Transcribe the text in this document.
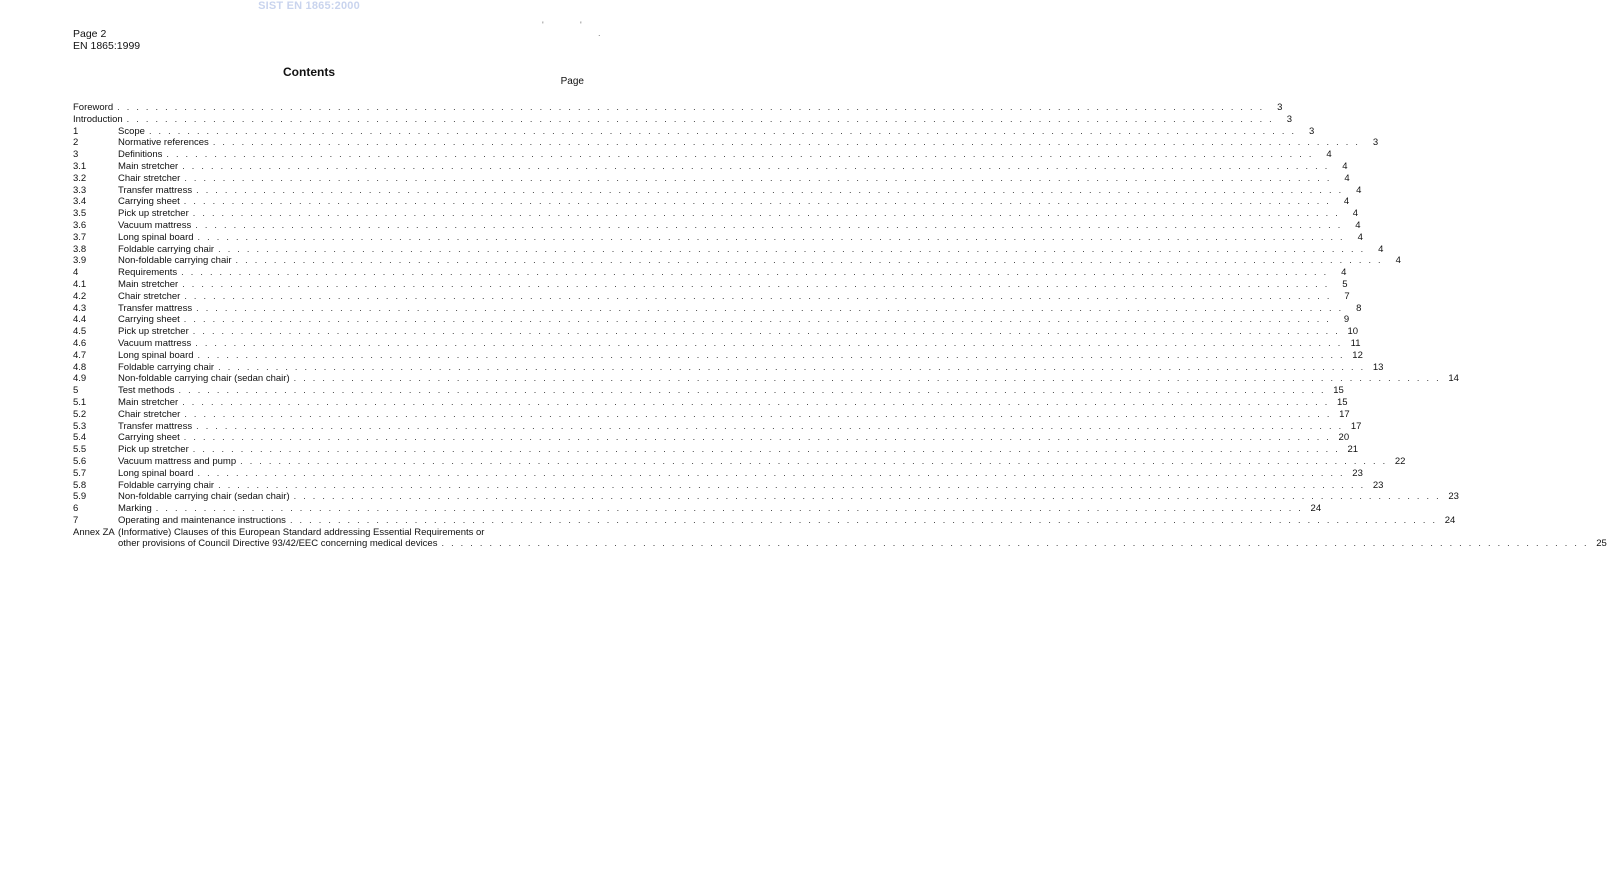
SIST EN 1865:2000
Page 2
EN 1865:1999
'	'
.
Contents
Page
Foreword . . . . . . . . . . . . . . . . . . . . . . . . . . . . . . . . . . . . . . . . . . . . . . . . . . . . . . . . . . . . . . . . . . . . . . . . . . . . . . . . . . . . . . . . . . . . . . . . . . . . . . . . . . . . . . . . . . . . . . . .	3
Introduction . . . . . . . . . . . . . . . . . . . . . . . . . . . . . . . . . . . . . . . . . . . . . . . . . . . . . . . . . . . . . . . . . . . . . . . . . . . . . . . . . . . . . . . . . . . . . . . . . . . . . . . . . . . . . . . . . . . . . . . .	3
1	Scope . . . . . . . . . . . . . . . . . . . . . . . . . . . . . . . . . . . . . . . . . . . . . . . . . . . . . . . . . . . . . . . . . . . . . . . . . . . . . . . . . . . . . . . . . . . . . . . . . . . . . . . . . . . . . . . . . . . . . . . .	3
2	Normative references . . . . . . . . . . . . . . . . . . . . . . . . . . . . . . . . . . . . . . . . . . . . . . . . . . . . . . . . . . . . . . . . . . . . . . . . . . . . . . . . . . . . . . . . . . . . . . . . . . . . . . . . . . . . . . . . . . . . . . . .	3
3	Definitions . . . . . . . . . . . . . . . . . . . . . . . . . . . . . . . . . . . . . . . . . . . . . . . . . . . . . . . . . . . . . . . . . . . . . . . . . . . . . . . . . . . . . . . . . . . . . . . . . . . . . . . . . . . . . . . . . . . . . . . .	4
3.1	Main stretcher . . . . . . . . . . . . . . . . . . . . . . . . . . . . . . . . . . . . . . . . . . . . . . . . . . . . . . . . . . . . . . . . . . . . . . . . . . . . . . . . . . . . . . . . . . . . . . . . . . . . . . . . . . . . . . . . . . . . . . . .	4
3.2	Chair stretcher . . . . . . . . . . . . . . . . . . . . . . . . . . . . . . . . . . . . . . . . . . . . . . . . . . . . . . . . . . . . . . . . . . . . . . . . . . . . . . . . . . . . . . . . . . . . . . . . . . . . . . . . . . . . . . . . . . . . . . . .	4
3.3	Transfer mattress . . . . . . . . . . . . . . . . . . . . . . . . . . . . . . . . . . . . . . . . . . . . . . . . . . . . . . . . . . . . . . . . . . . . . . . . . . . . . . . . . . . . . . . . . . . . . . . . . . . . . . . . . . . . . . . . . . . . . . . .	4
3.4	Carrying sheet . . . . . . . . . . . . . . . . . . . . . . . . . . . . . . . . . . . . . . . . . . . . . . . . . . . . . . . . . . . . . . . . . . . . . . . . . . . . . . . . . . . . . . . . . . . . . . . . . . . . . . . . . . . . . . . . . . . . . . . .	4
3.5	Pick up stretcher . . . . . . . . . . . . . . . . . . . . . . . . . . . . . . . . . . . . . . . . . . . . . . . . . . . . . . . . . . . . . . . . . . . . . . . . . . . . . . . . . . . . . . . . . . . . . . . . . . . . . . . . . . . . . . . . . . . . . . . .	4
3.6	Vacuum mattress . . . . . . . . . . . . . . . . . . . . . . . . . . . . . . . . . . . . . . . . . . . . . . . . . . . . . . . . . . . . . . . . . . . . . . . . . . . . . . . . . . . . . . . . . . . . . . . . . . . . . . . . . . . . . . . . . . . . . . . .	4
3.7	Long spinal board . . . . . . . . . . . . . . . . . . . . . . . . . . . . . . . . . . . . . . . . . . . . . . . . . . . . . . . . . . . . . . . . . . . . . . . . . . . . . . . . . . . . . . . . . . . . . . . . . . . . . . . . . . . . . . . . . . . . . . . .	4
3.8	Foldable carrying chair . . . . . . . . . . . . . . . . . . . . . . . . . . . . . . . . . . . . . . . . . . . . . . . . . . . . . . . . . . . . . . . . . . . . . . . . . . . . . . . . . . . . . . . . . . . . . . . . . . . . . . . . . . . . . . . . . . . . . . . .	4
3.9	Non-foldable carrying chair . . . . . . . . . . . . . . . . . . . . . . . . . . . . . . . . . . . . . . . . . . . . . . . . . . . . . . . . . . . . . . . . . . . . . . . . . . . . . . . . . . . . . . . . . . . . . . . . . . . . . . . . . . . . . . . . . . . . . . . .	4
4	Requirements . . . . . . . . . . . . . . . . . . . . . . . . . . . . . . . . . . . . . . . . . . . . . . . . . . . . . . . . . . . . . . . . . . . . . . . . . . . . . . . . . . . . . . . . . . . . . . . . . . . . . . . . . . . . . . . . . . . . . . . .	4
4.1	Main stretcher . . . . . . . . . . . . . . . . . . . . . . . . . . . . . . . . . . . . . . . . . . . . . . . . . . . . . . . . . . . . . . . . . . . . . . . . . . . . . . . . . . . . . . . . . . . . . . . . . . . . . . . . . . . . . . . . . . . . . . . .	5
4.2	Chair stretcher . . . . . . . . . . . . . . . . . . . . . . . . . . . . . . . . . . . . . . . . . . . . . . . . . . . . . . . . . . . . . . . . . . . . . . . . . . . . . . . . . . . . . . . . . . . . . . . . . . . . . . . . . . . . . . . . . . . . . . . .	7
4.3	Transfer mattress . . . . . . . . . . . . . . . . . . . . . . . . . . . . . . . . . . . . . . . . . . . . . . . . . . . . . . . . . . . . . . . . . . . . . . . . . . . . . . . . . . . . . . . . . . . . . . . . . . . . . . . . . . . . . . . . . . . . . . . .	8
4.4	Carrying sheet . . . . . . . . . . . . . . . . . . . . . . . . . . . . . . . . . . . . . . . . . . . . . . . . . . . . . . . . . . . . . . . . . . . . . . . . . . . . . . . . . . . . . . . . . . . . . . . . . . . . . . . . . . . . . . . . . . . . . . . .	9
4.5	Pick up stretcher . . . . . . . . . . . . . . . . . . . . . . . . . . . . . . . . . . . . . . . . . . . . . . . . . . . . . . . . . . . . . . . . . . . . . . . . . . . . . . . . . . . . . . . . . . . . . . . . . . . . . . . . . . . . . . . . . . . . . . . . 10
4.6	Vacuum mattress . . . . . . . . . . . . . . . . . . . . . . . . . . . . . . . . . . . . . . . . . . . . . . . . . . . . . . . . . . . . . . . . . . . . . . . . . . . . . . . . . . . . . . . . . . . . . . . . . . . . . . . . . . . . . . . . . . . . . . . . 11
4.7	Long spinal board . . . . . . . . . . . . . . . . . . . . . . . . . . . . . . . . . . . . . . . . . . . . . . . . . . . . . . . . . . . . . . . . . . . . . . . . . . . . . . . . . . . . . . . . . . . . . . . . . . . . . . . . . . . . . . . . . . . . . . . . 12
4.8	Foldable carrying chair . . . . . . . . . . . . . . . . . . . . . . . . . . . . . . . . . . . . . . . . . . . . . . . . . . . . . . . . . . . . . . . . . . . . . . . . . . . . . . . . . . . . . . . . . . . . . . . . . . . . . . . . . . . . . . . . . . . . . . . . 13
4.9	Non-foldable carrying chair (sedan chair) . . . . . . . . . . . . . . . . . . . . . . . . . . . . . . . . . . . . . . . . . . . . . . . . . . . . . . . . . . . . . . . . . . . . . . . . . . . . . . . . . . . . . . . . . . . . . . . . . . . . . . . . . . . . . . . . . . . . . . . . 14
5	Test methods . . . . . . . . . . . . . . . . . . . . . . . . . . . . . . . . . . . . . . . . . . . . . . . . . . . . . . . . . . . . . . . . . . . . . . . . . . . . . . . . . . . . . . . . . . . . . . . . . . . . . . . . . . . . . . . . . . . . . . . . 15
5.1	Main stretcher . . . . . . . . . . . . . . . . . . . . . . . . . . . . . . . . . . . . . . . . . . . . . . . . . . . . . . . . . . . . . . . . . . . . . . . . . . . . . . . . . . . . . . . . . . . . . . . . . . . . . . . . . . . . . . . . . . . . . . . . 15
5.2	Chair stretcher . . . . . . . . . . . . . . . . . . . . . . . . . . . . . . . . . . . . . . . . . . . . . . . . . . . . . . . . . . . . . . . . . . . . . . . . . . . . . . . . . . . . . . . . . . . . . . . . . . . . . . . . . . . . . . . . . . . . . . . . 17
5.3	Transfer mattress . . . . . . . . . . . . . . . . . . . . . . . . . . . . . . . . . . . . . . . . . . . . . . . . . . . . . . . . . . . . . . . . . . . . . . . . . . . . . . . . . . . . . . . . . . . . . . . . . . . . . . . . . . . . . . . . . . . . . . . . 17
5.4	Carrying sheet . . . . . . . . . . . . . . . . . . . . . . . . . . . . . . . . . . . . . . . . . . . . . . . . . . . . . . . . . . . . . . . . . . . . . . . . . . . . . . . . . . . . . . . . . . . . . . . . . . . . . . . . . . . . . . . . . . . . . . . . 20
5.5	Pick up stretcher . . . . . . . . . . . . . . . . . . . . . . . . . . . . . . . . . . . . . . . . . . . . . . . . . . . . . . . . . . . . . . . . . . . . . . . . . . . . . . . . . . . . . . . . . . . . . . . . . . . . . . . . . . . . . . . . . . . . . . . . 21
5.6	Vacuum mattress and pump . . . . . . . . . . . . . . . . . . . . . . . . . . . . . . . . . . . . . . . . . . . . . . . . . . . . . . . . . . . . . . . . . . . . . . . . . . . . . . . . . . . . . . . . . . . . . . . . . . . . . . . . . . . . . . . . . . . . . . . . 22
5.7	Long spinal board . . . . . . . . . . . . . . . . . . . . . . . . . . . . . . . . . . . . . . . . . . . . . . . . . . . . . . . . . . . . . . . . . . . . . . . . . . . . . . . . . . . . . . . . . . . . . . . . . . . . . . . . . . . . . . . . . . . . . . . . 23
5.8	Foldable carrying chair . . . . . . . . . . . . . . . . . . . . . . . . . . . . . . . . . . . . . . . . . . . . . . . . . . . . . . . . . . . . . . . . . . . . . . . . . . . . . . . . . . . . . . . . . . . . . . . . . . . . . . . . . . . . . . . . . . . . . . . . 23
5.9	Non-foldable carrying chair (sedan chair) . . . . . . . . . . . . . . . . . . . . . . . . . . . . . . . . . . . . . . . . . . . . . . . . . . . . . . . . . . . . . . . . . . . . . . . . . . . . . . . . . . . . . . . . . . . . . . . . . . . . . . . . . . . . . . . . . . . . . . . . 23
6	Marking . . . . . . . . . . . . . . . . . . . . . . . . . . . . . . . . . . . . . . . . . . . . . . . . . . . . . . . . . . . . . . . . . . . . . . . . . . . . . . . . . . . . . . . . . . . . . . . . . . . . . . . . . . . . . . . . . . . . . . . . 24
7	Operating and maintenance instructions . . . . . . . . . . . . . . . . . . . . . . . . . . . . . . . . . . . . . . . . . . . . . . . . . . . . . . . . . . . . . . . . . . . . . . . . . . . . . . . . . . . . . . . . . . . . . . . . . . . . . . . . . . . . . . . . . . . . . . . . 24
Annex ZA (Informative) Clauses of this European Standard addressing Essential Requirements or
other provisions of Council Directive 93/42/EEC concerning medical devices . . . . . . . . . . . . . . . . . . . . . . . . . . . . . . . . . . . . . . . . . . . . . . . . . . . . . . . . . . . . . . . . . . . . . . . . . . . . . . . . . . . . . . . . . . . . . . . . . . . . . . . . . . . . . . . . . . . . . . . . 25
